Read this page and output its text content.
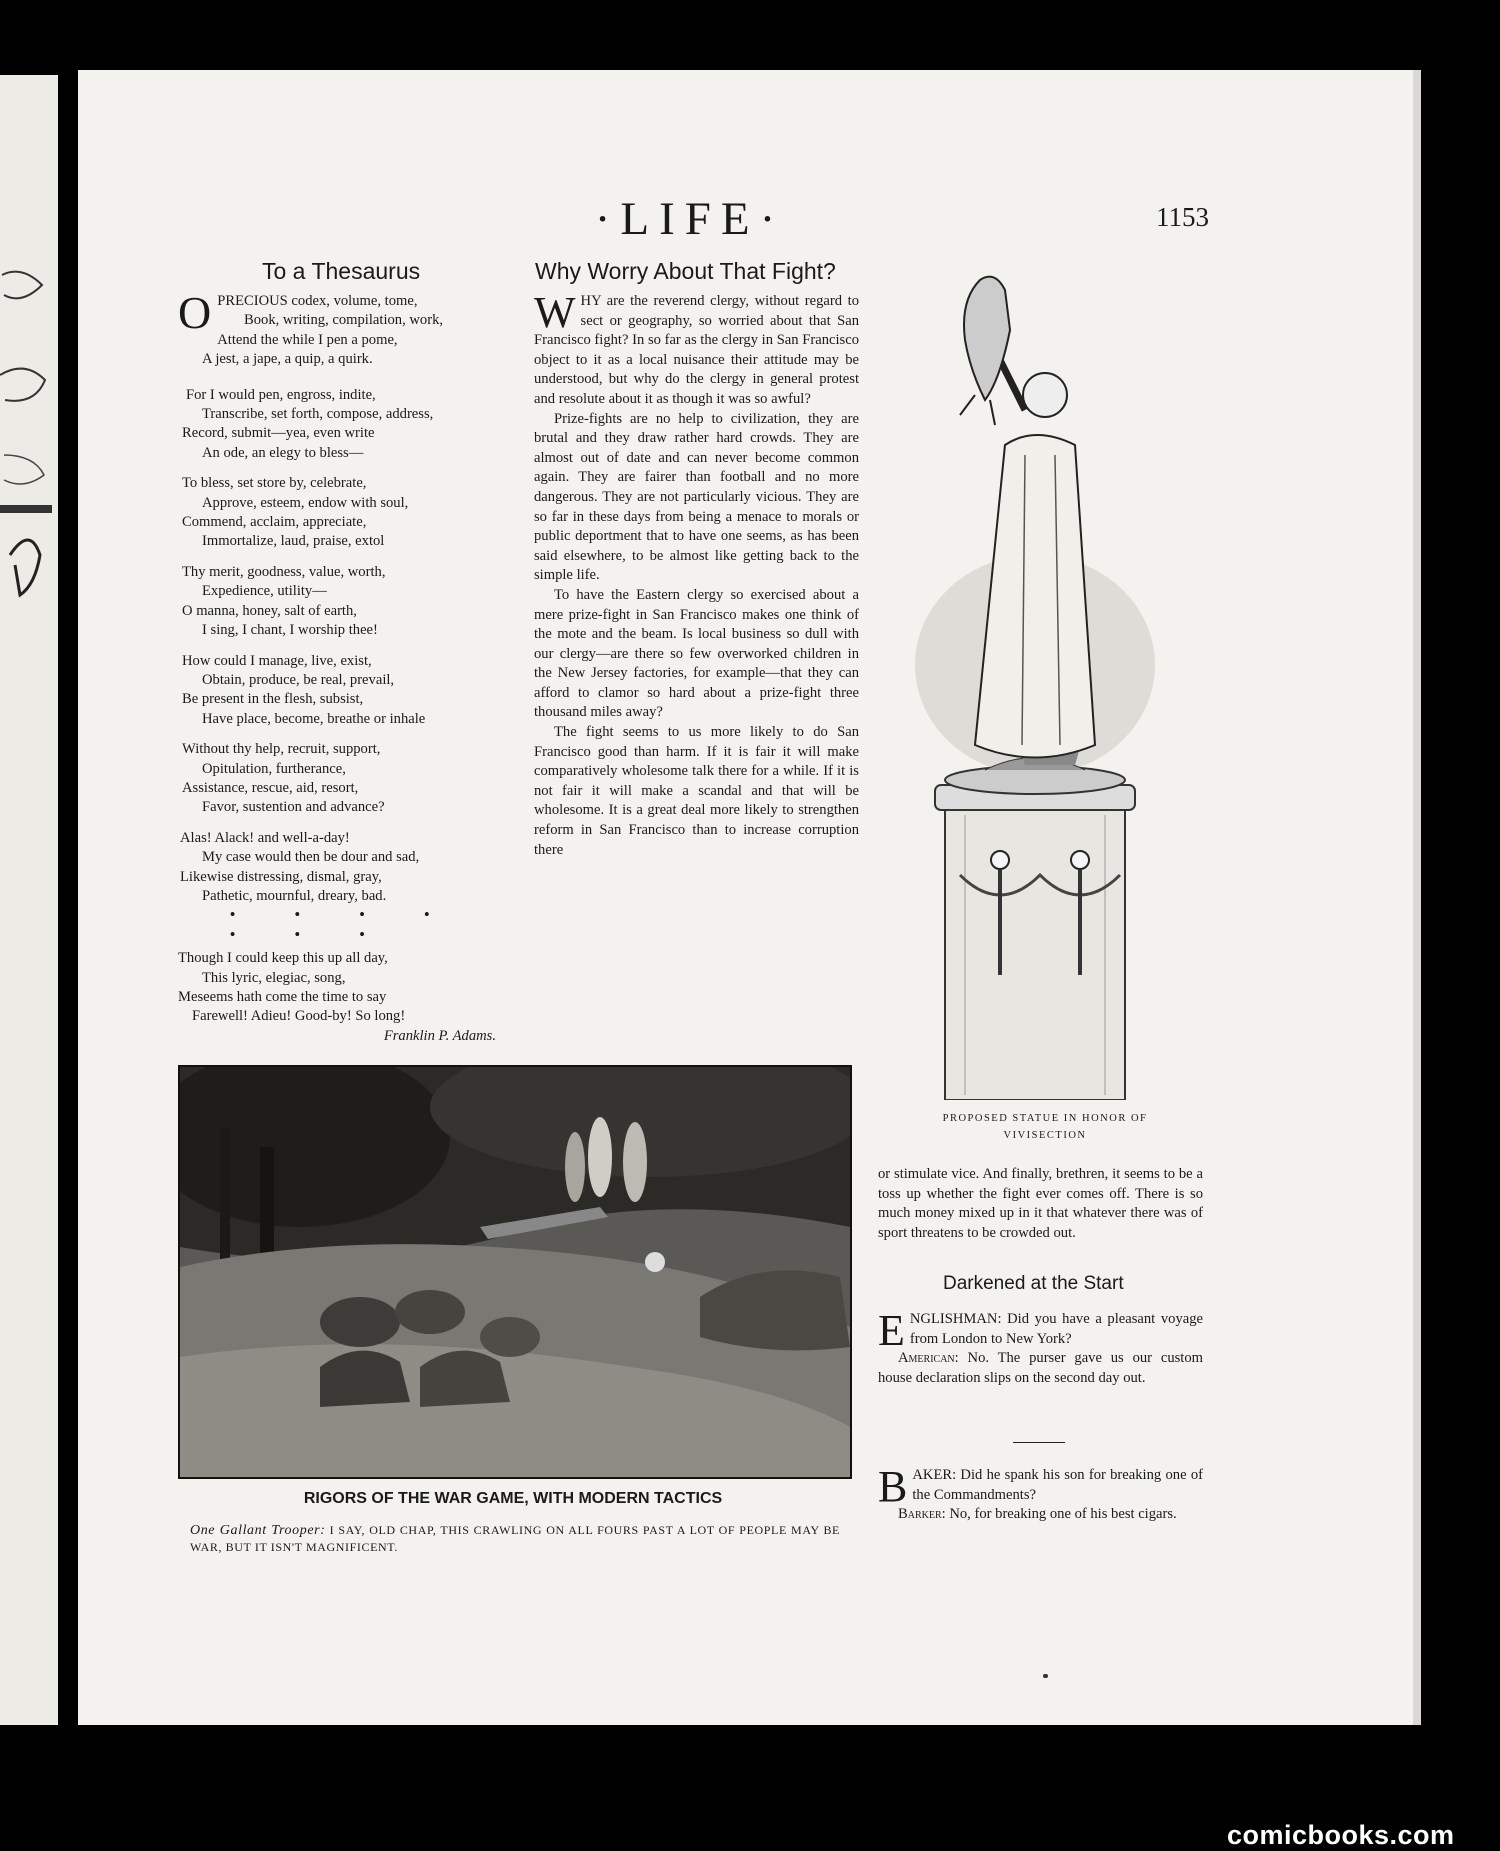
·LIFE·	1153
To a Thesaurus
O PRECIOUS codex, volume, tome,
Book, writing, compilation, work,
Attend the while I pen a pome,
A jest, a jape, a quip, a quirk.
For I would pen, engross, indite,
Transcribe, set forth, compose, address,
Record, submit—yea, even write
An ode, an elegy to bless—
To bless, set store by, celebrate,
Approve, esteem, endow with soul,
Commend, acclaim, appreciate,
Immortalize, laud, praise, extol
Thy merit, goodness, value, worth,
Expedience, utility—
O manna, honey, salt of earth,
I sing, I chant, I worship thee!
How could I manage, live, exist,
Obtain, produce, be real, prevail,
Be present in the flesh, subsist,
Have place, become, breathe or inhale
Without thy help, recruit, support,
Opitulation, furtherance,
Assistance, rescue, aid, resort,
Favor, sustention and advance?
Alas! Alack! and well-a-day!
My case would then be dour and sad,
Likewise distressing, dismal, gray,
Pathetic, mournful, dreary, bad.
• • • • • • •
Though I could keep this up all day,
This lyric, elegiac, song,
Meseems hath come the time to say
Farewell! Adieu! Good-by! So long!
Franklin P. Adams.
Why Worry About That Fight?

WHY are the reverend clergy, without regard to sect or geography, so worried about that San Francisco fight? In so far as the clergy in San Francisco object to it as a local nuisance their attitude may be understood, but why do the clergy in general protest and resolute about it as though it was so awful?

Prize-fights are no help to civilization, they are brutal and they draw rather hard crowds. They are almost out of date and can never become common again. They are fairer than football and no more dangerous. They are not particularly vicious. They are so far in these days from being a menace to morals or public deportment that to have one seems, as has been said elsewhere, to be almost like getting back to the simple life.

To have the Eastern clergy so exercised about a mere prize-fight in San Francisco makes one think of the mote and the beam. Is local business so dull with our clergy—are there so few overworked children in the New Jersey factories, for example—that they can afford to clamor so hard about a prize-fight three thousand miles away?

The fight seems to us more likely to do San Francisco good than harm. If it is fair it will make comparatively wholesome talk there for a while. If it is not fair it will make a scandal and that will be wholesome. It is a great deal more likely to strengthen reform in San Francisco than to increase corruption there

PROPOSED STATUE IN HONOR OF
VIVISECTION

or stimulate vice. And finally, brethren, it seems to be a toss up whether the fight ever comes off. There is so much money mixed up in it that whatever there was of sport threatens to be crowded out.

Darkened at the Start

ENGLISHMAN: Did you have a pleasant voyage from London to New York?

American: No. The purser gave us our custom house declaration slips on the second day out.

BAKER: Did he spank his son for breaking one of the Commandments?

Barker: No, for breaking one of his best cigars.

RIGORS OF THE WAR GAME, WITH MODERN TACTICS
One Gallant Trooper: I SAY, OLD CHAP, THIS CRAWLING ON ALL FOURS PAST A LOT OF PEOPLE MAY BE WAR, BUT IT ISN'T MAGNIFICENT.
comicbooks.com
